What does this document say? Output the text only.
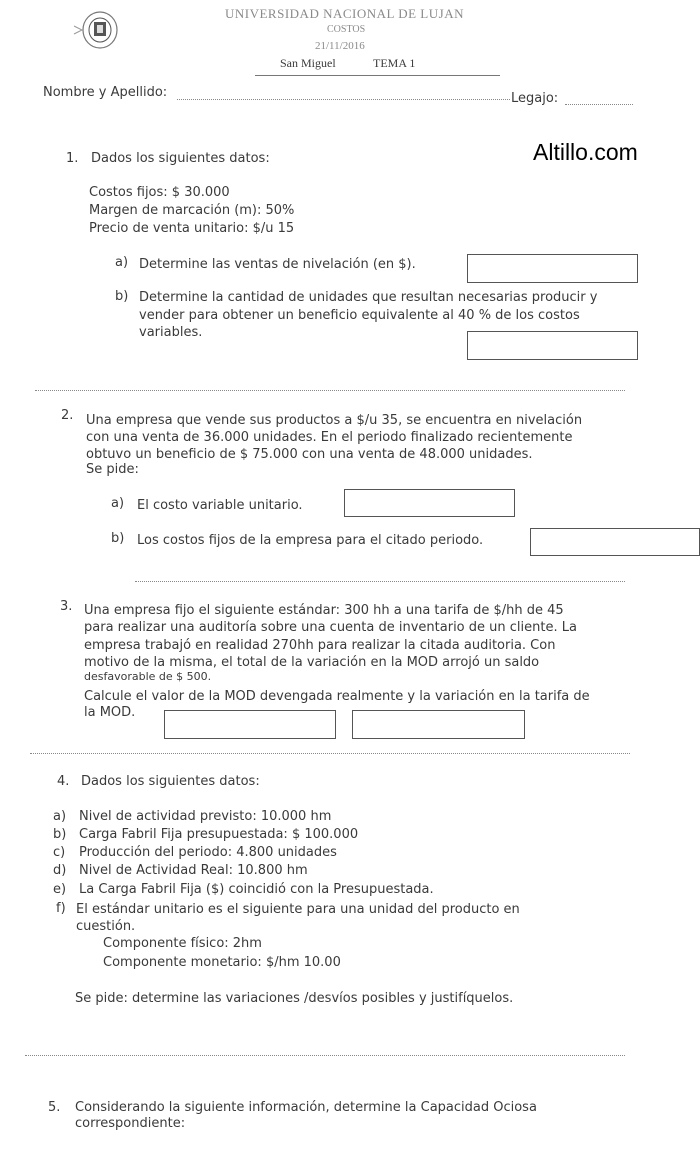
UNIVERSIDAD NACIONAL DE LUJAN
COSTOS
21/11/2016
San Miguel	TEMA 1
Nombre y Apellido:	Legajo:
Altillo.com
1. Dados los siguientes datos:
Costos fijos: $ 30.000
Margen de marcación (m): 50%
Precio de venta unitario: $/u 15
a) Determine las ventas de nivelación (en $).
b) Determine la cantidad de unidades que resultan necesarias producir y
vender para obtener un beneficio equivalente al 40 % de los costos
variables.
2. Una empresa que vende sus productos a $/u 35, se encuentra en nivelación
con una venta de 36.000 unidades. En el periodo finalizado recientemente
obtuvo un beneficio de $ 75.000 con una venta de 48.000 unidades.
Se pide:
a) El costo variable unitario.
b) Los costos fijos de la empresa para el citado periodo.
3. Una empresa fijo el siguiente estándar: 300 hh a una tarifa de $/hh de 45
para realizar una auditoría sobre una cuenta de inventario de un cliente. La
empresa trabajó en realidad 270hh para realizar la citada auditoria. Con
motivo de la misma, el total de la variación en la MOD arrojó un saldo
desfavorable de $ 500.
Calcule el valor de la MOD devengada realmente y la variación en la tarifa de
la MOD.
4. Dados los siguientes datos:
a) Nivel de actividad previsto: 10.000 hm
b) Carga Fabril Fija presupuestada: $ 100.000
c) Producción del periodo: 4.800 unidades
d) Nivel de Actividad Real: 10.800 hm
e) La Carga Fabril Fija ($) coincidió con la Presupuestada.
f) El estándar unitario es el siguiente para una unidad del producto en
cuestión.
Componente físico: 2hm
Componente monetario: $/hm 10.00
Se pide: determine las variaciones /desvíos posibles y justifíquelos.
5. Considerando la siguiente información, determine la Capacidad Ociosa
correspondiente:
